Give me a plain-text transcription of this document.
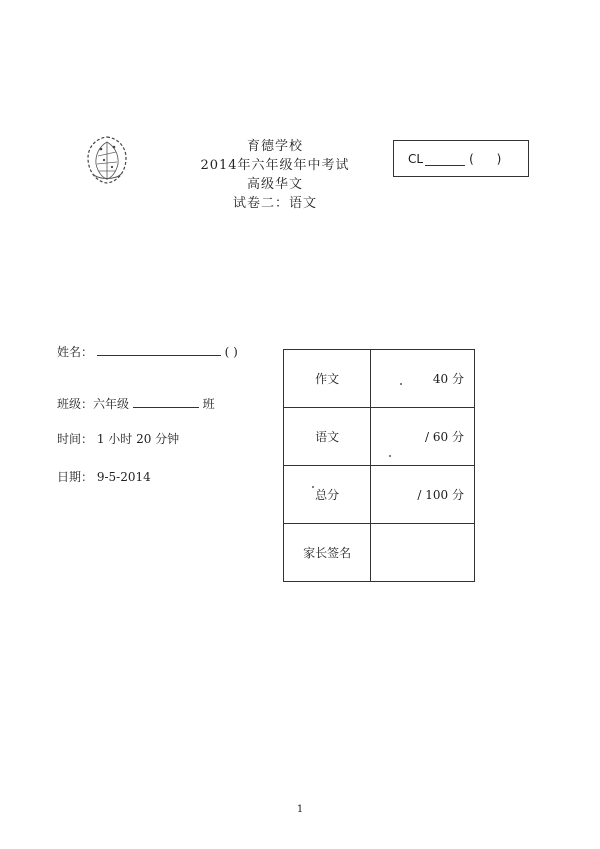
育德学校
2014年六年级年中考试
高级华文
试卷二：语文
CL	(      )
姓名：	( )
班级：六年级	班
时间： 1 小时 20 分钟
日期： 9-5-2014
作文	40 分
语文	/ 60 分
总分	/ 100 分
家长签名	
1
